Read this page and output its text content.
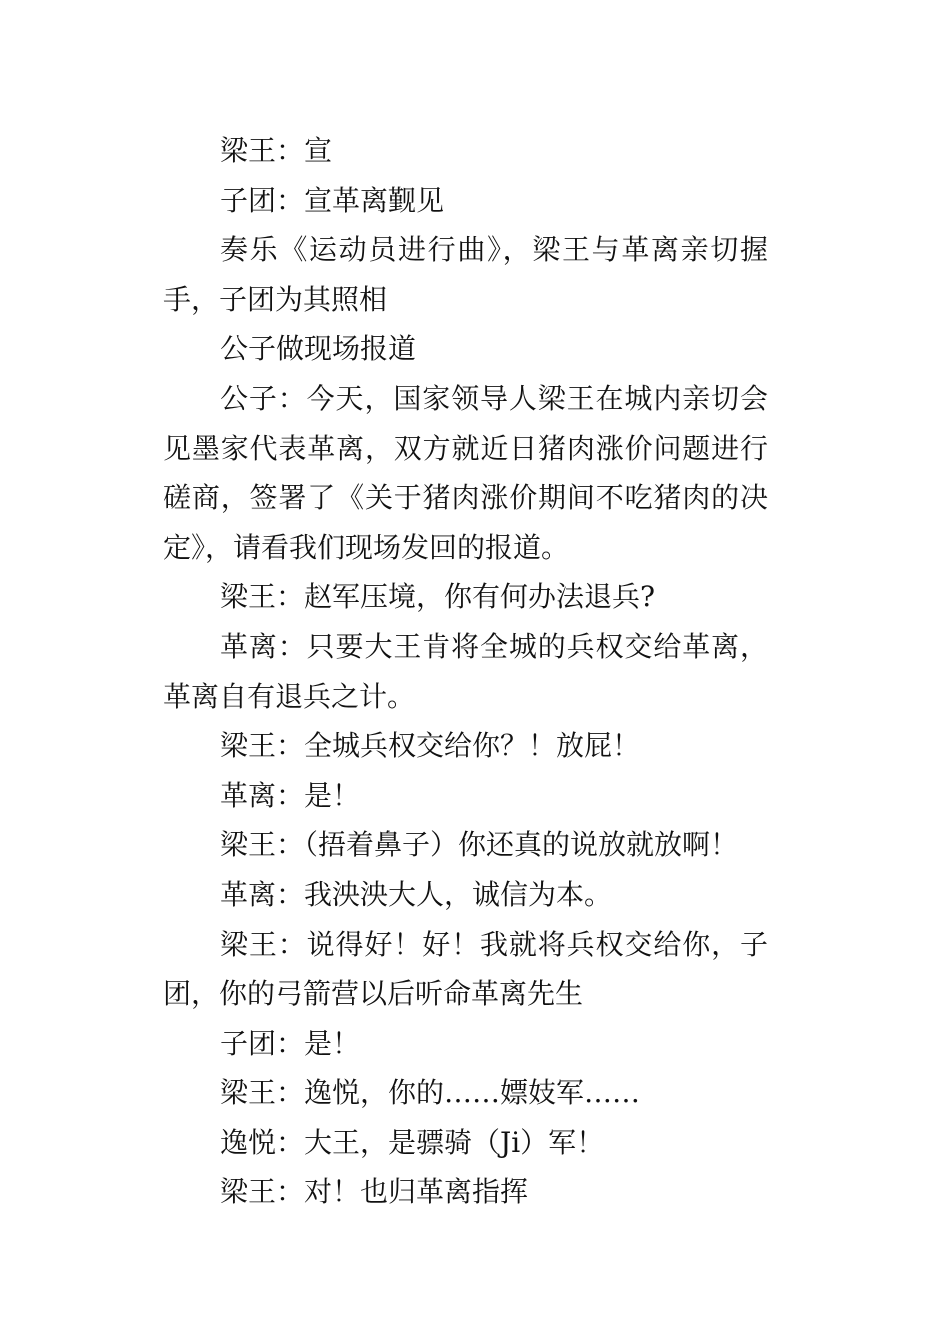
梁王：宣

子团：宣革离觐见

奏乐《运动员进行曲》，梁王与革离亲切握手，子团为其照相

公子做现场报道

公子：今天，国家领导人梁王在城内亲切会见墨家代表革离，双方就近日猪肉涨价问题进行磋商，签署了《关于猪肉涨价期间不吃猪肉的决定》，请看我们现场发回的报道。

梁王：赵军压境，你有何办法退兵?

革离：只要大王肯将全城的兵权交给革离，革离自有退兵之计。

梁王：全城兵权交给你？！放屁！

革离：是！

梁王：（捂着鼻子）你还真的说放就放啊！

革离：我泱泱大人，诚信为本。

梁王：说得好！好！我就将兵权交给你，子团，你的弓箭营以后听命革离先生

子团：是！

梁王：逸悦，你的……嫖妓军……

逸悦：大王，是骠骑（Ji）军！

梁王：对！也归革离指挥
